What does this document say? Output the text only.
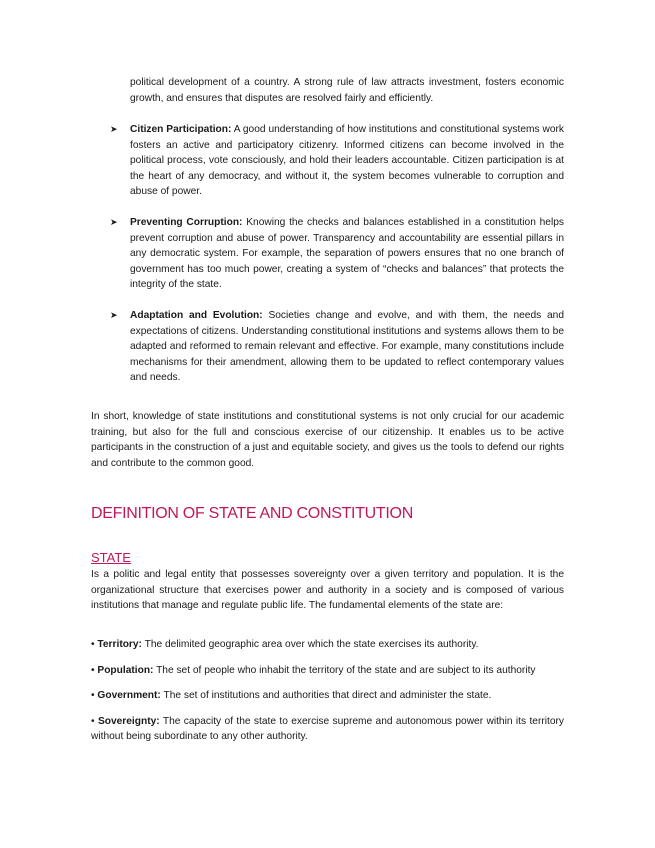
political development of a country. A strong rule of law attracts investment, fosters economic growth, and ensures that disputes are resolved fairly and efficiently.

➤ Citizen Participation: A good understanding of how institutions and constitutional systems work fosters an active and participatory citizenry. Informed citizens can become involved in the political process, vote consciously, and hold their leaders accountable. Citizen participation is at the heart of any democracy, and without it, the system becomes vulnerable to corruption and abuse of power.
➤ Preventing Corruption: Knowing the checks and balances established in a constitution helps prevent corruption and abuse of power. Transparency and accountability are essential pillars in any democratic system. For example, the separation of powers ensures that no one branch of government has too much power, creating a system of “checks and balances” that protects the integrity of the state.
➤ Adaptation and Evolution: Societies change and evolve, and with them, the needs and expectations of citizens. Understanding constitutional institutions and systems allows them to be adapted and reformed to remain relevant and effective. For example, many constitutions include mechanisms for their amendment, allowing them to be updated to reflect contemporary values and needs.

In short, knowledge of state institutions and constitutional systems is not only crucial for our academic training, but also for the full and conscious exercise of our citizenship. It enables us to be active participants in the construction of a just and equitable society, and gives us the tools to defend our rights and contribute to the common good.

DEFINITION OF STATE AND CONSTITUTION
STATE

Is a politic and legal entity that possesses sovereignty over a given territory and population. It is the organizational structure that exercises power and authority in a society and is composed of various institutions that manage and regulate public life. The fundamental elements of the state are:

• Territory: The delimited geographic area over which the state exercises its authority.
• Population: The set of people who inhabit the territory of the state and are subject to its authority
• Government: The set of institutions and authorities that direct and administer the state.
• Sovereignty: The capacity of the state to exercise supreme and autonomous power within its territory without being subordinate to any other authority.
